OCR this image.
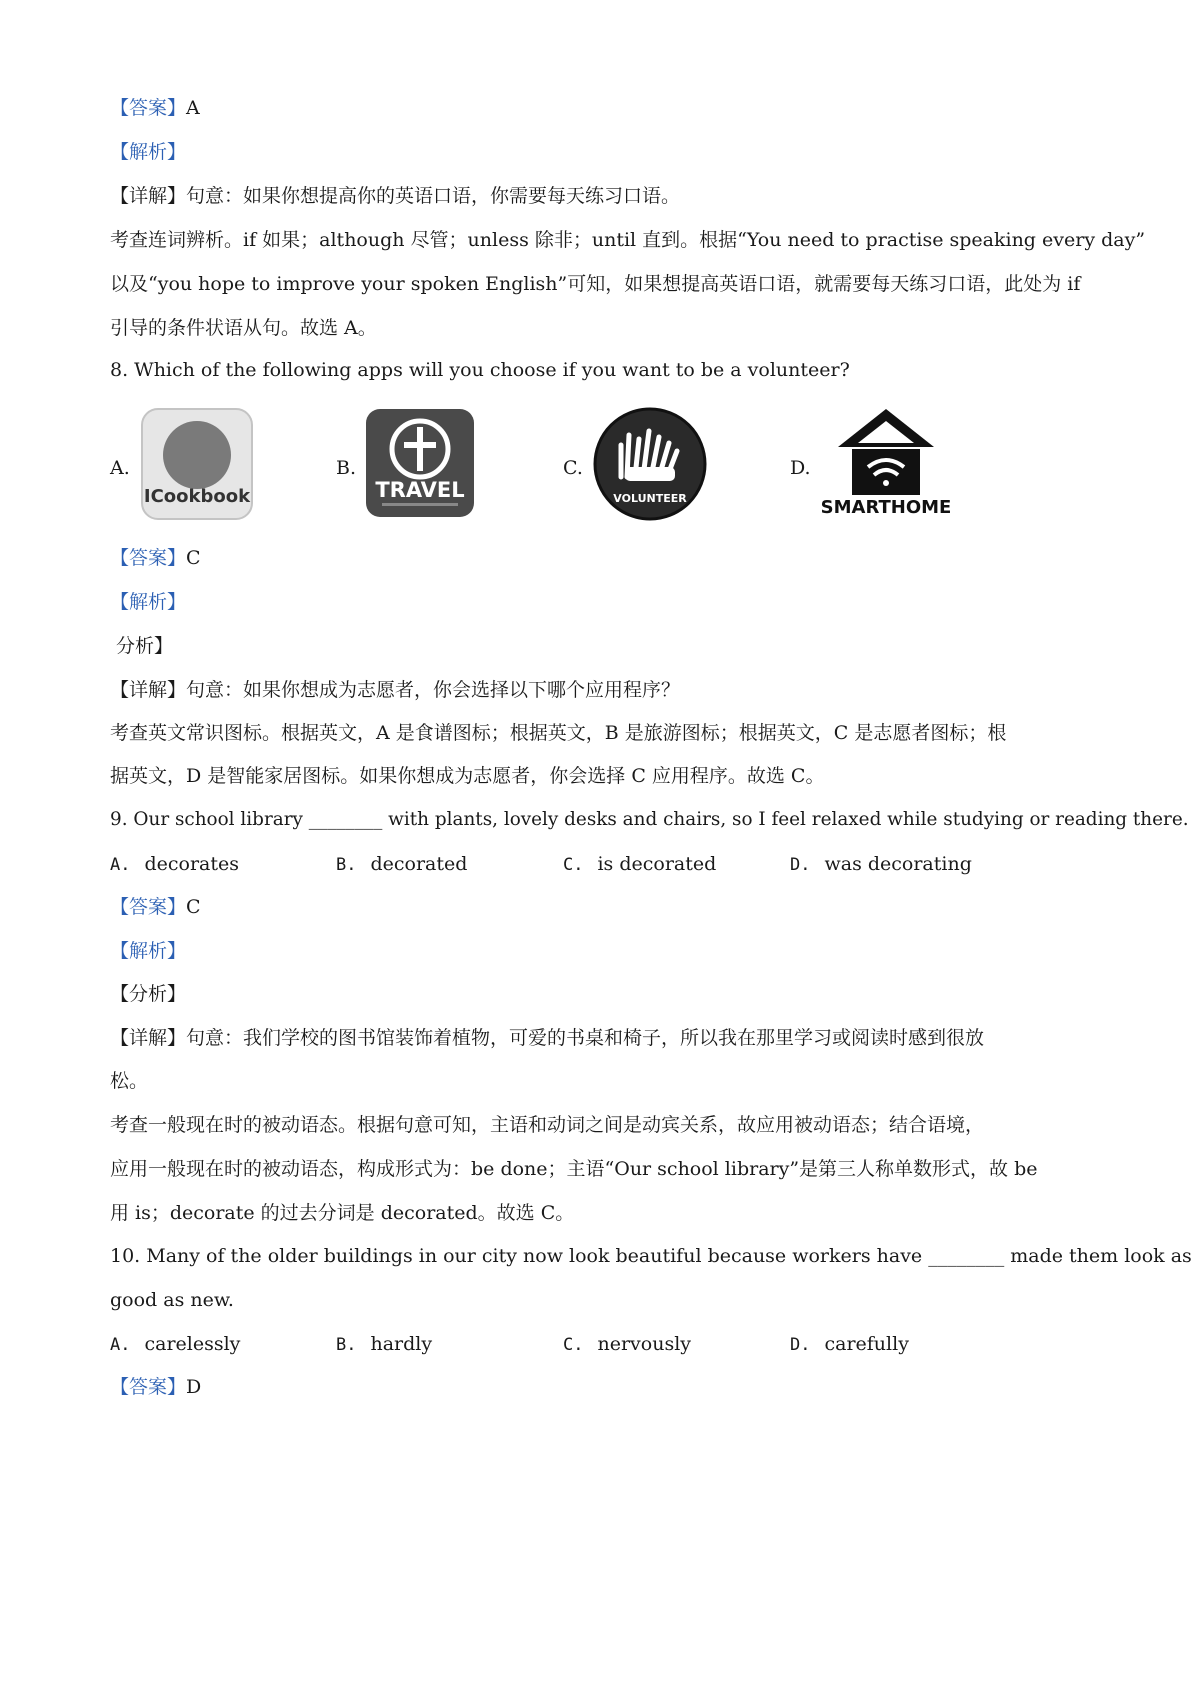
【答案】A
【解析】
【详解】句意：如果你想提高你的英语口语，你需要每天练习口语。
考查连词辨析。if 如果；although 尽管；unless 除非；until 直到。根据“You need to practise speaking every day”
以及“you hope to improve your spoken English”可知，如果想提高英语口语，就需要每天练习口语，此处为 if
引导的条件状语从句。故选 A。
8. Which of the following apps will you choose if you want to be a volunteer?
A.
ICookbook
B.
TRAVEL
C.
VOLUNTEER
D.
SMARTHOME
【答案】C
【解析】
分析】
【详解】句意：如果你想成为志愿者，你会选择以下哪个应用程序？
考查英文常识图标。根据英文，A 是食谱图标；根据英文，B 是旅游图标；根据英文，C 是志愿者图标；根
据英文，D 是智能家居图标。如果你想成为志愿者，你会选择 C 应用程序。故选 C。
9. Our school library ________ with plants, lovely desks and chairs, so I feel relaxed while studying or reading there.
A. decorates	B. decorated	C. is decorated	D. was decorating
【答案】C
【解析】
【分析】
【详解】句意：我们学校的图书馆装饰着植物，可爱的书桌和椅子，所以我在那里学习或阅读时感到很放
松。
考查一般现在时的被动语态。根据句意可知，主语和动词之间是动宾关系，故应用被动语态；结合语境，
应用一般现在时的被动语态，构成形式为：be done；主语“Our school library”是第三人称单数形式，故 be
用 is；decorate 的过去分词是 decorated。故选 C。
10. Many of the older buildings in our city now look beautiful because workers have ________ made them look as
good as new.
A. carelessly	B. hardly	C. nervously	D. carefully
【答案】D
